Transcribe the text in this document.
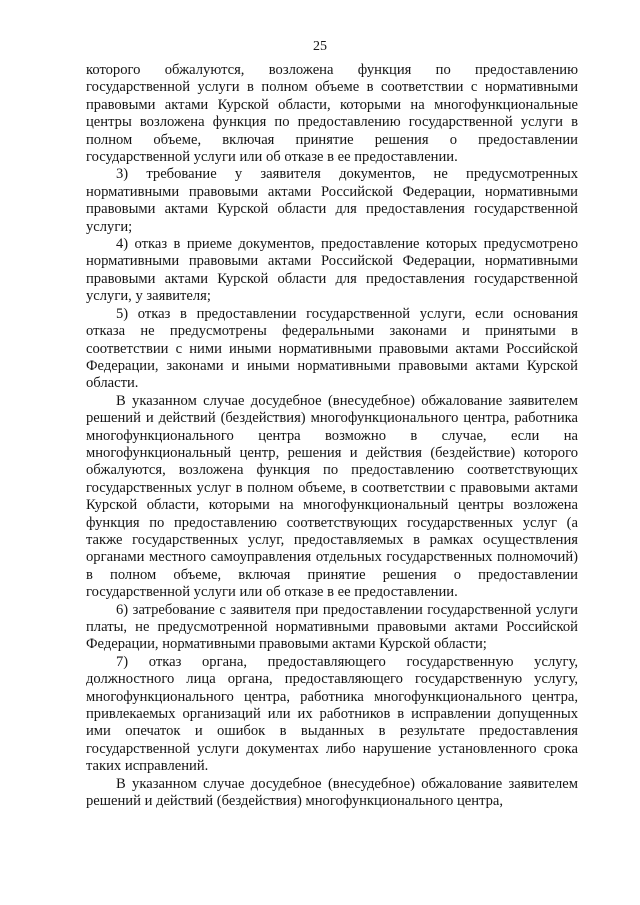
25

которого обжалуются, возложена функция по предоставлению государственной услуги в полном объеме в соответствии с нормативными правовыми актами Курской области, которыми на многофункциональные центры возложена функция по предоставлению государственной услуги в полном объеме, включая принятие решения о предоставлении государственной услуги или об отказе в ее предоставлении.

3) требование у заявителя документов, не предусмотренных нормативными правовыми актами Российской Федерации, нормативными правовыми актами Курской области для предоставления государственной услуги;

4) отказ в приеме документов, предоставление которых предусмотрено нормативными правовыми актами Российской Федерации, нормативными правовыми актами Курской области для предоставления государственной услуги, у заявителя;

5) отказ в предоставлении государственной услуги, если основания отказа не предусмотрены федеральными законами и принятыми в соответствии с ними иными нормативными правовыми актами Российской Федерации, законами и иными нормативными правовыми актами Курской области.

В указанном случае досудебное (внесудебное) обжалование заявителем решений и действий (бездействия) многофункционального центра, работника многофункционального центра возможно в случае, если на многофункциональный центр, решения и действия (бездействие) которого обжалуются, возложена функция по предоставлению соответствующих государственных услуг в полном объеме, в соответствии с правовыми актами Курской области, которыми на многофункциональный центры возложена функция по предоставлению соответствующих государственных услуг (а также государственных услуг, предоставляемых в рамках осуществления органами местного самоуправления отдельных государственных полномочий) в полном объеме, включая принятие решения о предоставлении государственной услуги или об отказе в ее предоставлении.

6) затребование с заявителя при предоставлении государственной услуги платы, не предусмотренной нормативными правовыми актами Российской Федерации, нормативными правовыми актами Курской области;

7) отказ органа, предоставляющего государственную услугу, должностного лица органа, предоставляющего государственную услугу, многофункционального центра, работника многофункционального центра, привлекаемых организаций или их работников в исправлении допущенных ими опечаток и ошибок в выданных в результате предоставления государственной услуги документах либо нарушение установленного срока таких исправлений.

В указанном случае досудебное (внесудебное) обжалование заявителем решений и действий (бездействия) многофункционального центра,
